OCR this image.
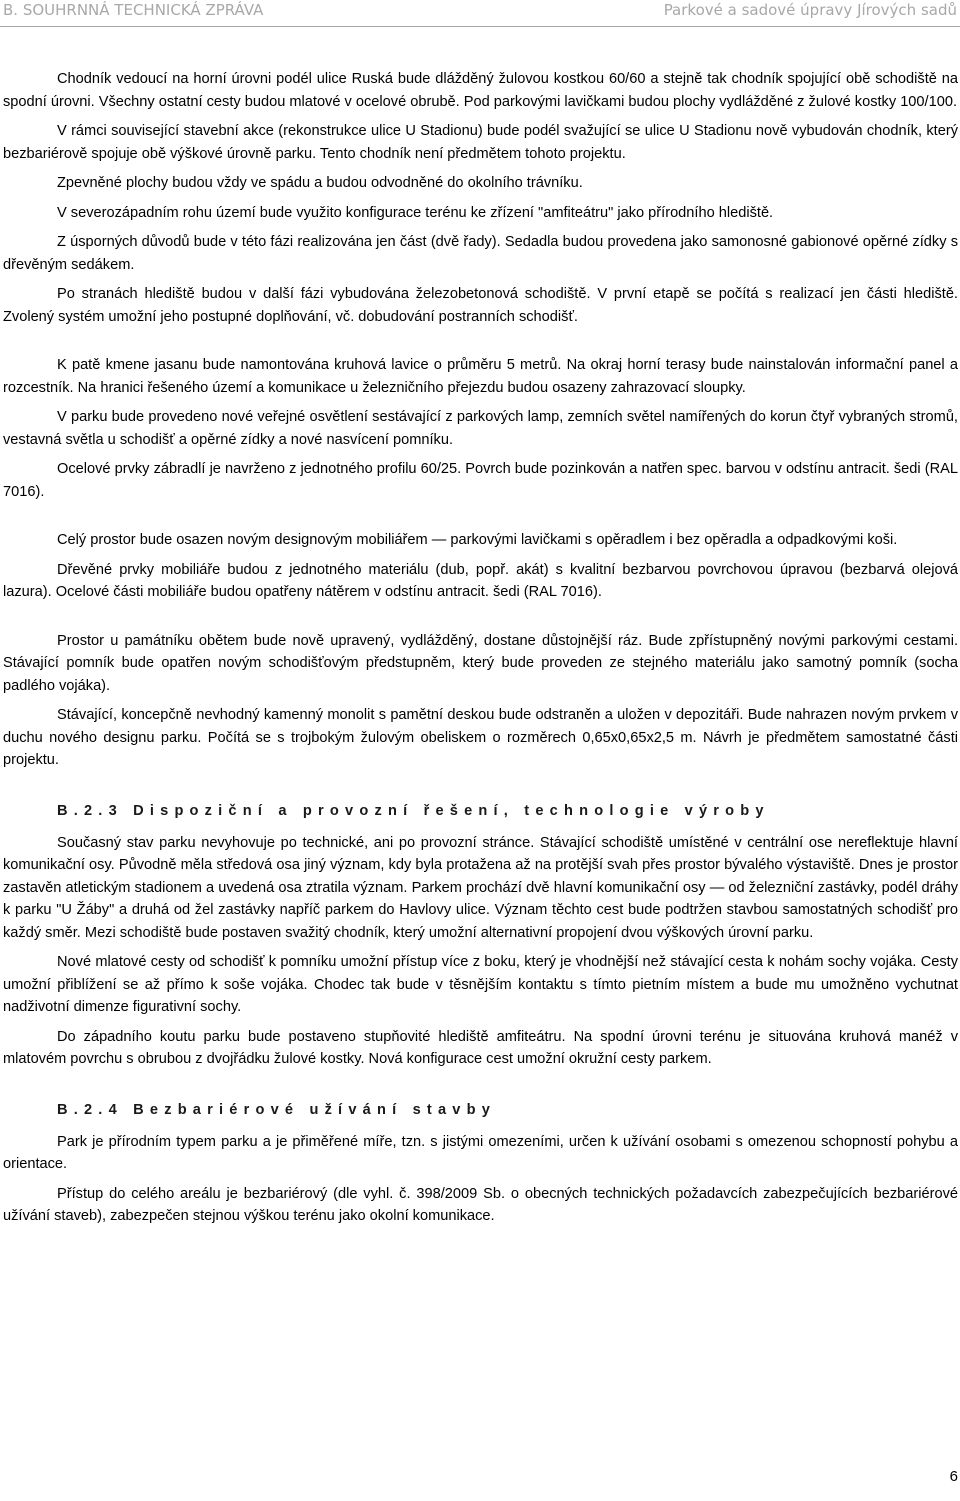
B. SOUHRNNÁ TECHNICKÁ ZPRÁVA	Parkové a sadové úpravy Jírových sadů

Chodník vedoucí na horní úrovni podél ulice Ruská bude dlážděný žulovou kostkou 60/60 a stejně tak chodník spojující obě schodiště na spodní úrovni. Všechny ostatní cesty budou mlatové v ocelové obrubě. Pod parkovými lavičkami budou plochy vydlážděné z žulové kostky 100/100.

V rámci související stavební akce (rekonstrukce ulice U Stadionu) bude podél svažující se ulice U Stadionu nově vybudován chodník, který bezbariérově spojuje obě výškové úrovně parku. Tento chodník není předmětem tohoto projektu.

Zpevněné plochy budou vždy ve spádu a budou odvodněné do okolního trávníku.

V severozápadním rohu území bude využito konfigurace terénu ke zřízení "amfiteátru" jako přírodního hlediště.

Z úsporných důvodů bude v této fázi realizována jen část (dvě řady). Sedadla budou provedena jako samonosné gabionové opěrné zídky s dřevěným sedákem.

Po stranách hlediště budou v další fázi vybudována železobetonová schodiště. V první etapě se počítá s realizací jen části hlediště. Zvolený systém umožní jeho postupné doplňování, vč. dobudování postranních schodišť.

K patě kmene jasanu bude namontována kruhová lavice o průměru 5 metrů. Na okraj horní terasy bude nainstalován informační panel a rozcestník. Na hranici řešeného území a komunikace u železničního přejezdu budou osazeny zahrazovací sloupky.

V parku bude provedeno nové veřejné osvětlení sestávající z parkových lamp, zemních světel namířených do korun čtyř vybraných stromů, vestavná světla u schodišť a opěrné zídky a nové nasvícení pomníku.

Ocelové prvky zábradlí je navrženo z jednotného profilu 60/25. Povrch bude pozinkován a natřen spec. barvou v odstínu antracit. šedi (RAL 7016).

Celý prostor bude osazen novým designovým mobiliářem — parkovými lavičkami s opěradlem i bez opěradla a odpadkovými koši.

Dřevěné prvky mobiliáře budou z jednotného materiálu (dub, popř. akát) s kvalitní bezbarvou povrchovou úpravou (bezbarvá olejová lazura). Ocelové části mobiliáře budou opatřeny nátěrem v odstínu antracit. šedi (RAL 7016).

Prostor u památníku obětem bude nově upravený, vydlážděný, dostane důstojnější ráz. Bude zpřístupněný novými parkovými cestami. Stávající pomník bude opatřen novým schodišťovým předstupněm, který bude proveden ze stejného materiálu jako samotný pomník (socha padlého vojáka).

Stávající, koncepčně nevhodný kamenný monolit s pamětní deskou bude odstraněn a uložen v depozitáři. Bude nahrazen novým prvkem v duchu nového designu parku. Počítá se s trojbokým žulovým obeliskem o rozměrech 0,65x0,65x2,5 m. Návrh je předmětem samostatné části projektu.

B.2.3 Dispoziční a provozní řešení, technologie výroby

Současný stav parku nevyhovuje po technické, ani po provozní stránce. Stávající schodiště umístěné v centrální ose nereflektuje hlavní komunikační osy. Původně měla středová osa jiný význam, kdy byla protažena až na protější svah přes prostor bývalého výstaviště. Dnes je prostor zastavěn atletickým stadionem a uvedená osa ztratila význam. Parkem prochází dvě hlavní komunikační osy — od železniční zastávky, podél dráhy k parku "U Žáby" a druhá od žel zastávky napříč parkem do Havlovy ulice. Význam těchto cest bude podtržen stavbou samostatných schodišť pro každý směr. Mezi schodiště bude postaven svažitý chodník, který umožní alternativní propojení dvou výškových úrovní parku.

Nové mlatové cesty od schodišť k pomníku umožní přístup více z boku, který je vhodnější než stávající cesta k nohám sochy vojáka. Cesty umožní přiblížení se až přímo k soše vojáka. Chodec tak bude v těsnějším kontaktu s tímto pietním místem a bude mu umožněno vychutnat nadživotní dimenze figurativní sochy.

Do západního koutu parku bude postaveno stupňovité hlediště amfiteátru. Na spodní úrovni terénu je situována kruhová manéž v mlatovém povrchu s obrubou z dvojřádku žulové kostky. Nová konfigurace cest umožní okružní cesty parkem.

B.2.4 Bezbariérové užívání stavby

Park je přírodním typem parku a je přiměřené míře, tzn. s jistými omezeními, určen k užívání osobami s omezenou schopností pohybu a orientace.

Přístup do celého areálu je bezbariérový (dle vyhl. č. 398/2009 Sb. o obecných technických požadavcích zabezpečujících bezbariérové užívání staveb), zabezpečen stejnou výškou terénu jako okolní komunikace.

6
